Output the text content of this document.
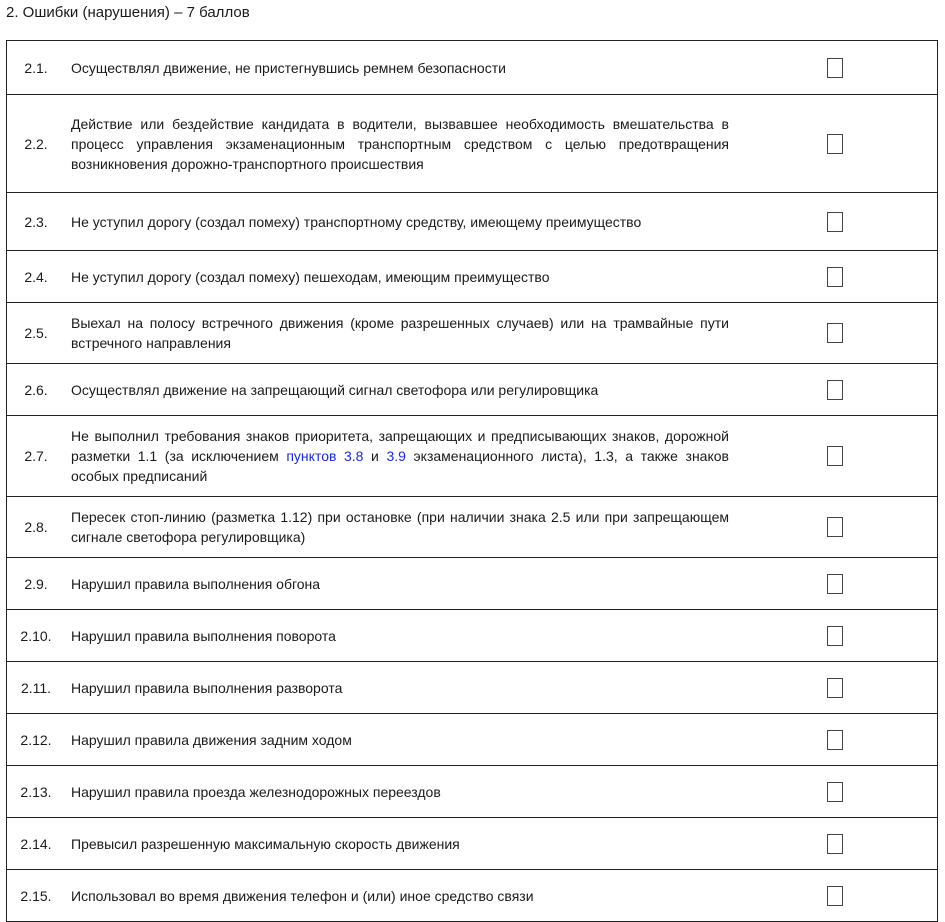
2. Ошибки (нарушения) – 7 баллов
2.1.	Осуществлял движение, не пристегнувшись ремнем безопасности

2.2.
Действие или бездействие кандидата в водители, вызвавшее необходимость вмешательства в процесс управления экзаменационным транспортным средством с целью предотвращения возникновения дорожно-транспортного происшествия

2.3.	Не уступил дорогу (создал помеху) транспортному средству, имеющему преимущество

2.4.	Не уступил дорогу (создал помеху) пешеходам, имеющим преимущество

2.5.
Выехал на полосу встречного движения (кроме разрешенных случаев) или на трамвайные пути встречного направления

2.6.	Осуществлял движение на запрещающий сигнал светофора или регулировщика

2.7.
Не выполнил требования знаков приоритета, запрещающих и предписывающих знаков, дорожной разметки 1.1 (за исключением пунктов 3.8 и 3.9 экзаменационного листа), 1.3, а также знаков особых предписаний

2.8.
Пересек стоп-линию (разметка 1.12) при остановке (при наличии знака 2.5 или при запрещающем сигнале светофора регулировщика)

2.9.	Нарушил правила выполнения обгона

2.10.	Нарушил правила выполнения поворота

2.11.	Нарушил правила выполнения разворота

2.12.	Нарушил правила движения задним ходом

2.13.	Нарушил правила проезда железнодорожных переездов

2.14.	Превысил разрешенную максимальную скорость движения

2.15.	Использовал во время движения телефон и (или) иное средство связи
